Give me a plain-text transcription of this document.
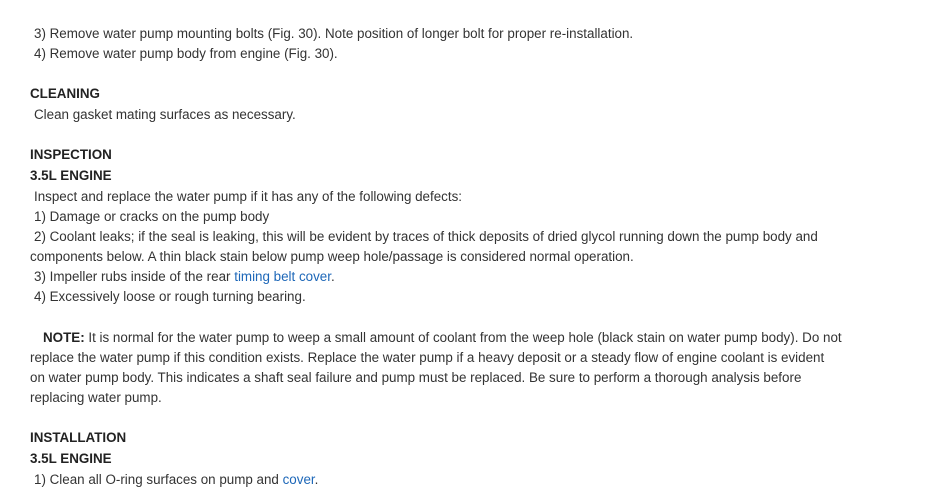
3) Remove water pump mounting bolts (Fig. 30). Note position of longer bolt for proper re-installation.
4) Remove water pump body from engine (Fig. 30).
CLEANING
Clean gasket mating surfaces as necessary.
INSPECTION
3.5L ENGINE
Inspect and replace the water pump if it has any of the following defects:
1) Damage or cracks on the pump body
2) Coolant leaks; if the seal is leaking, this will be evident by traces of thick deposits of dried glycol running down the pump body and
components below. A thin black stain below pump weep hole/passage is considered normal operation.
3) Impeller rubs inside of the rear timing belt cover.
4) Excessively loose or rough turning bearing.
NOTE: It is normal for the water pump to weep a small amount of coolant from the weep hole (black stain on water pump body). Do not
replace the water pump if this condition exists. Replace the water pump if a heavy deposit or a steady flow of engine coolant is evident
on water pump body. This indicates a shaft seal failure and pump must be replaced. Be sure to perform a thorough analysis before
replacing water pump.
INSTALLATION
3.5L ENGINE
1) Clean all O-ring surfaces on pump and cover.
